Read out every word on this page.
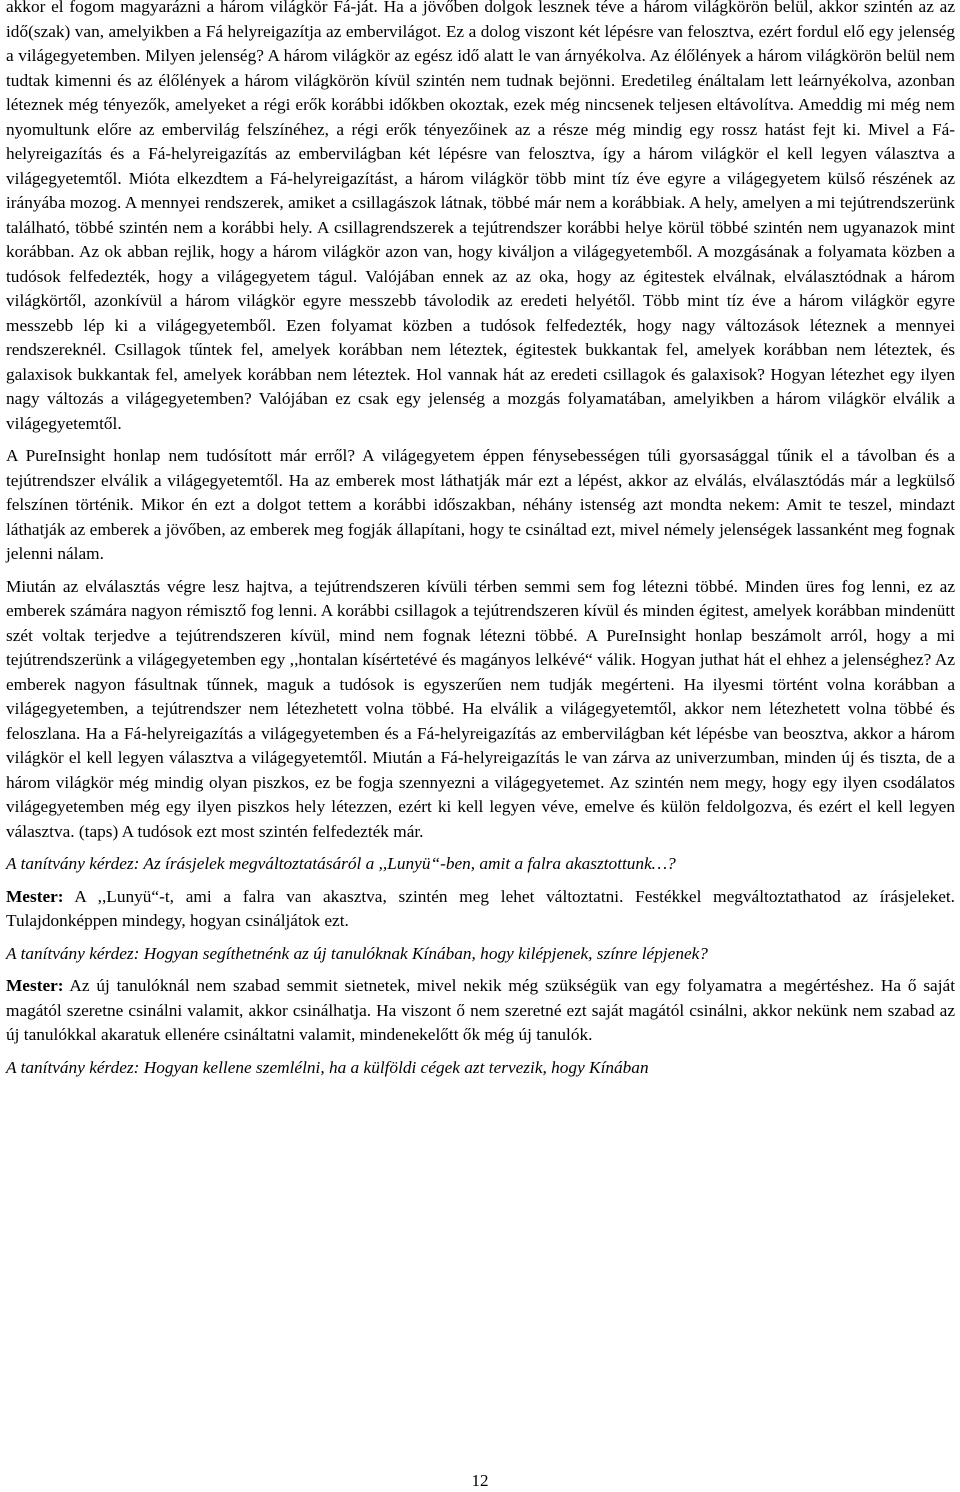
akkor el fogom magyarázni a három világkör Fá-ját. Ha a jövőben dolgok lesznek téve a három világkörön belül, akkor szintén az az idő(szak) van, amelyikben a Fá helyreigazítja az embervilágot. Ez a dolog viszont két lépésre van felosztva, ezért fordul elő egy jelenség a világegyetemben. Milyen jelenség? A három világkör az egész idő alatt le van árnyékolva. Az élőlények a három világkörön belül nem tudtak kimenni és az élőlények a három világkörön kívül szintén nem tudnak bejönni. Eredetileg énáltalam lett leárnyékolva, azonban léteznek még tényezők, amelyeket a régi erők korábbi időkben okoztak, ezek még nincsenek teljesen eltávolítva. Ameddig mi még nem nyomultunk előre az embervilág felszínéhez, a régi erők tényezőinek az a része még mindig egy rossz hatást fejt ki. Mivel a Fá-helyreigazítás és a Fá-helyreigazítás az embervilágban két lépésre van felosztva, így a három világkör el kell legyen választva a világegyetemtől. Mióta elkezdtem a Fá-helyreigazítást, a három világkör több mint tíz éve egyre a világegyetem külső részének az irányába mozog. A mennyei rendszerek, amiket a csillagászok látnak, többé már nem a korábbiak. A hely, amelyen a mi tejútrendszerünk található, többé szintén nem a korábbi hely. A csillagrendszerek a tejútrendszer korábbi helye körül többé szintén nem ugyanazok mint korábban. Az ok abban rejlik, hogy a három világkör azon van, hogy kiváljon a világegyetemből. A mozgásának a folyamata közben a tudósok felfedezték, hogy a világegyetem tágul. Valójában ennek az az oka, hogy az égitestek elválnak, elválasztódnak a három világkörtől, azonkívül a három világkör egyre messzebb távolodik az eredeti helyétől. Több mint tíz éve a három világkör egyre messzebb lép ki a világegyetemből. Ezen folyamat közben a tudósok felfedezték, hogy nagy változások léteznek a mennyei rendszereknél. Csillagok tűntek fel, amelyek korábban nem léteztek, égitestek bukkantak fel, amelyek korábban nem léteztek, és galaxisok bukkantak fel, amelyek korábban nem léteztek. Hol vannak hát az eredeti csillagok és galaxisok? Hogyan létezhet egy ilyen nagy változás a világegyetemben? Valójában ez csak egy jelenség a mozgás folyamatában, amelyikben a három világkör elválik a világegyetemtől.

A PureInsight honlap nem tudósított már erről? A világegyetem éppen fénysebességen túli gyorsasággal tűnik el a távolban és a tejútrendszer elválik a világegyetemtől. Ha az emberek most láthatják már ezt a lépést, akkor az elválás, elválasztódás már a legkülső felszínen történik. Mikor én ezt a dolgot tettem a korábbi időszakban, néhány istenség azt mondta nekem: Amit te teszel, mindazt láthatják az emberek a jövőben, az emberek meg fogják állapítani, hogy te csináltad ezt, mivel némely jelenségek lassanként meg fognak jelenni nálam.

Miután az elválasztás végre lesz hajtva, a tejútrendszeren kívüli térben semmi sem fog létezni többé. Minden üres fog lenni, ez az emberek számára nagyon rémisztő fog lenni. A korábbi csillagok a tejútrendszeren kívül és minden égitest, amelyek korábban mindenütt szét voltak terjedve a tejútrendszeren kívül, mind nem fognak létezni többé. A PureInsight honlap beszámolt arról, hogy a mi tejútrendszerünk a világegyetemben egy ,,hontalan kísértetévé és magányos lelkévé“ válik. Hogyan juthat hát el ehhez a jelenséghez? Az emberek nagyon fásultnak tűnnek, maguk a tudósok is egyszerűen nem tudják megérteni. Ha ilyesmi történt volna korábban a világegyetemben, a tejútrendszer nem létezhetett volna többé. Ha elválik a világegyetemtől, akkor nem létezhetett volna többé és feloszlana. Ha a Fá-helyreigazítás a világegyetemben és a Fá-helyreigazítás az embervilágban két lépésbe van beosztva, akkor a három világkör el kell legyen választva a világegyetemtől. Miután a Fá-helyreigazítás le van zárva az univerzumban, minden új és tiszta, de a három világkör még mindig olyan piszkos, ez be fogja szennyezni a világegyetemet. Az szintén nem megy, hogy egy ilyen csodálatos világegyetemben még egy ilyen piszkos hely létezzen, ezért ki kell legyen véve, emelve és külön feldolgozva, és ezért el kell legyen választva. (taps) A tudósok ezt most szintén felfedezték már.

A tanítvány kérdez: Az írásjelek megváltoztatásáról a ,,Lunyü“-ben, amit a falra akasztottunk…?

Mester: A ,,Lunyü“-t, ami a falra van akasztva, szintén meg lehet változtatni. Festékkel megváltoztathatod az írásjeleket. Tulajdonképpen mindegy, hogyan csináljátok ezt.

A tanítvány kérdez: Hogyan segíthetnénk az új tanulóknak Kínában, hogy kilépjenek, színre lépjenek?

Mester: Az új tanulóknál nem szabad semmit sietnetek, mivel nekik még szükségük van egy folyamatra a megértéshez. Ha ő saját magától szeretne csinálni valamit, akkor csinálhatja. Ha viszont ő nem szeretné ezt saját magától csinálni, akkor nekünk nem szabad az új tanulókkal akaratuk ellenére csináltatni valamit, mindenekelőtt ők még új tanulók.

A tanítvány kérdez: Hogyan kellene szemlélni, ha a külföldi cégek azt tervezik, hogy Kínában

12
